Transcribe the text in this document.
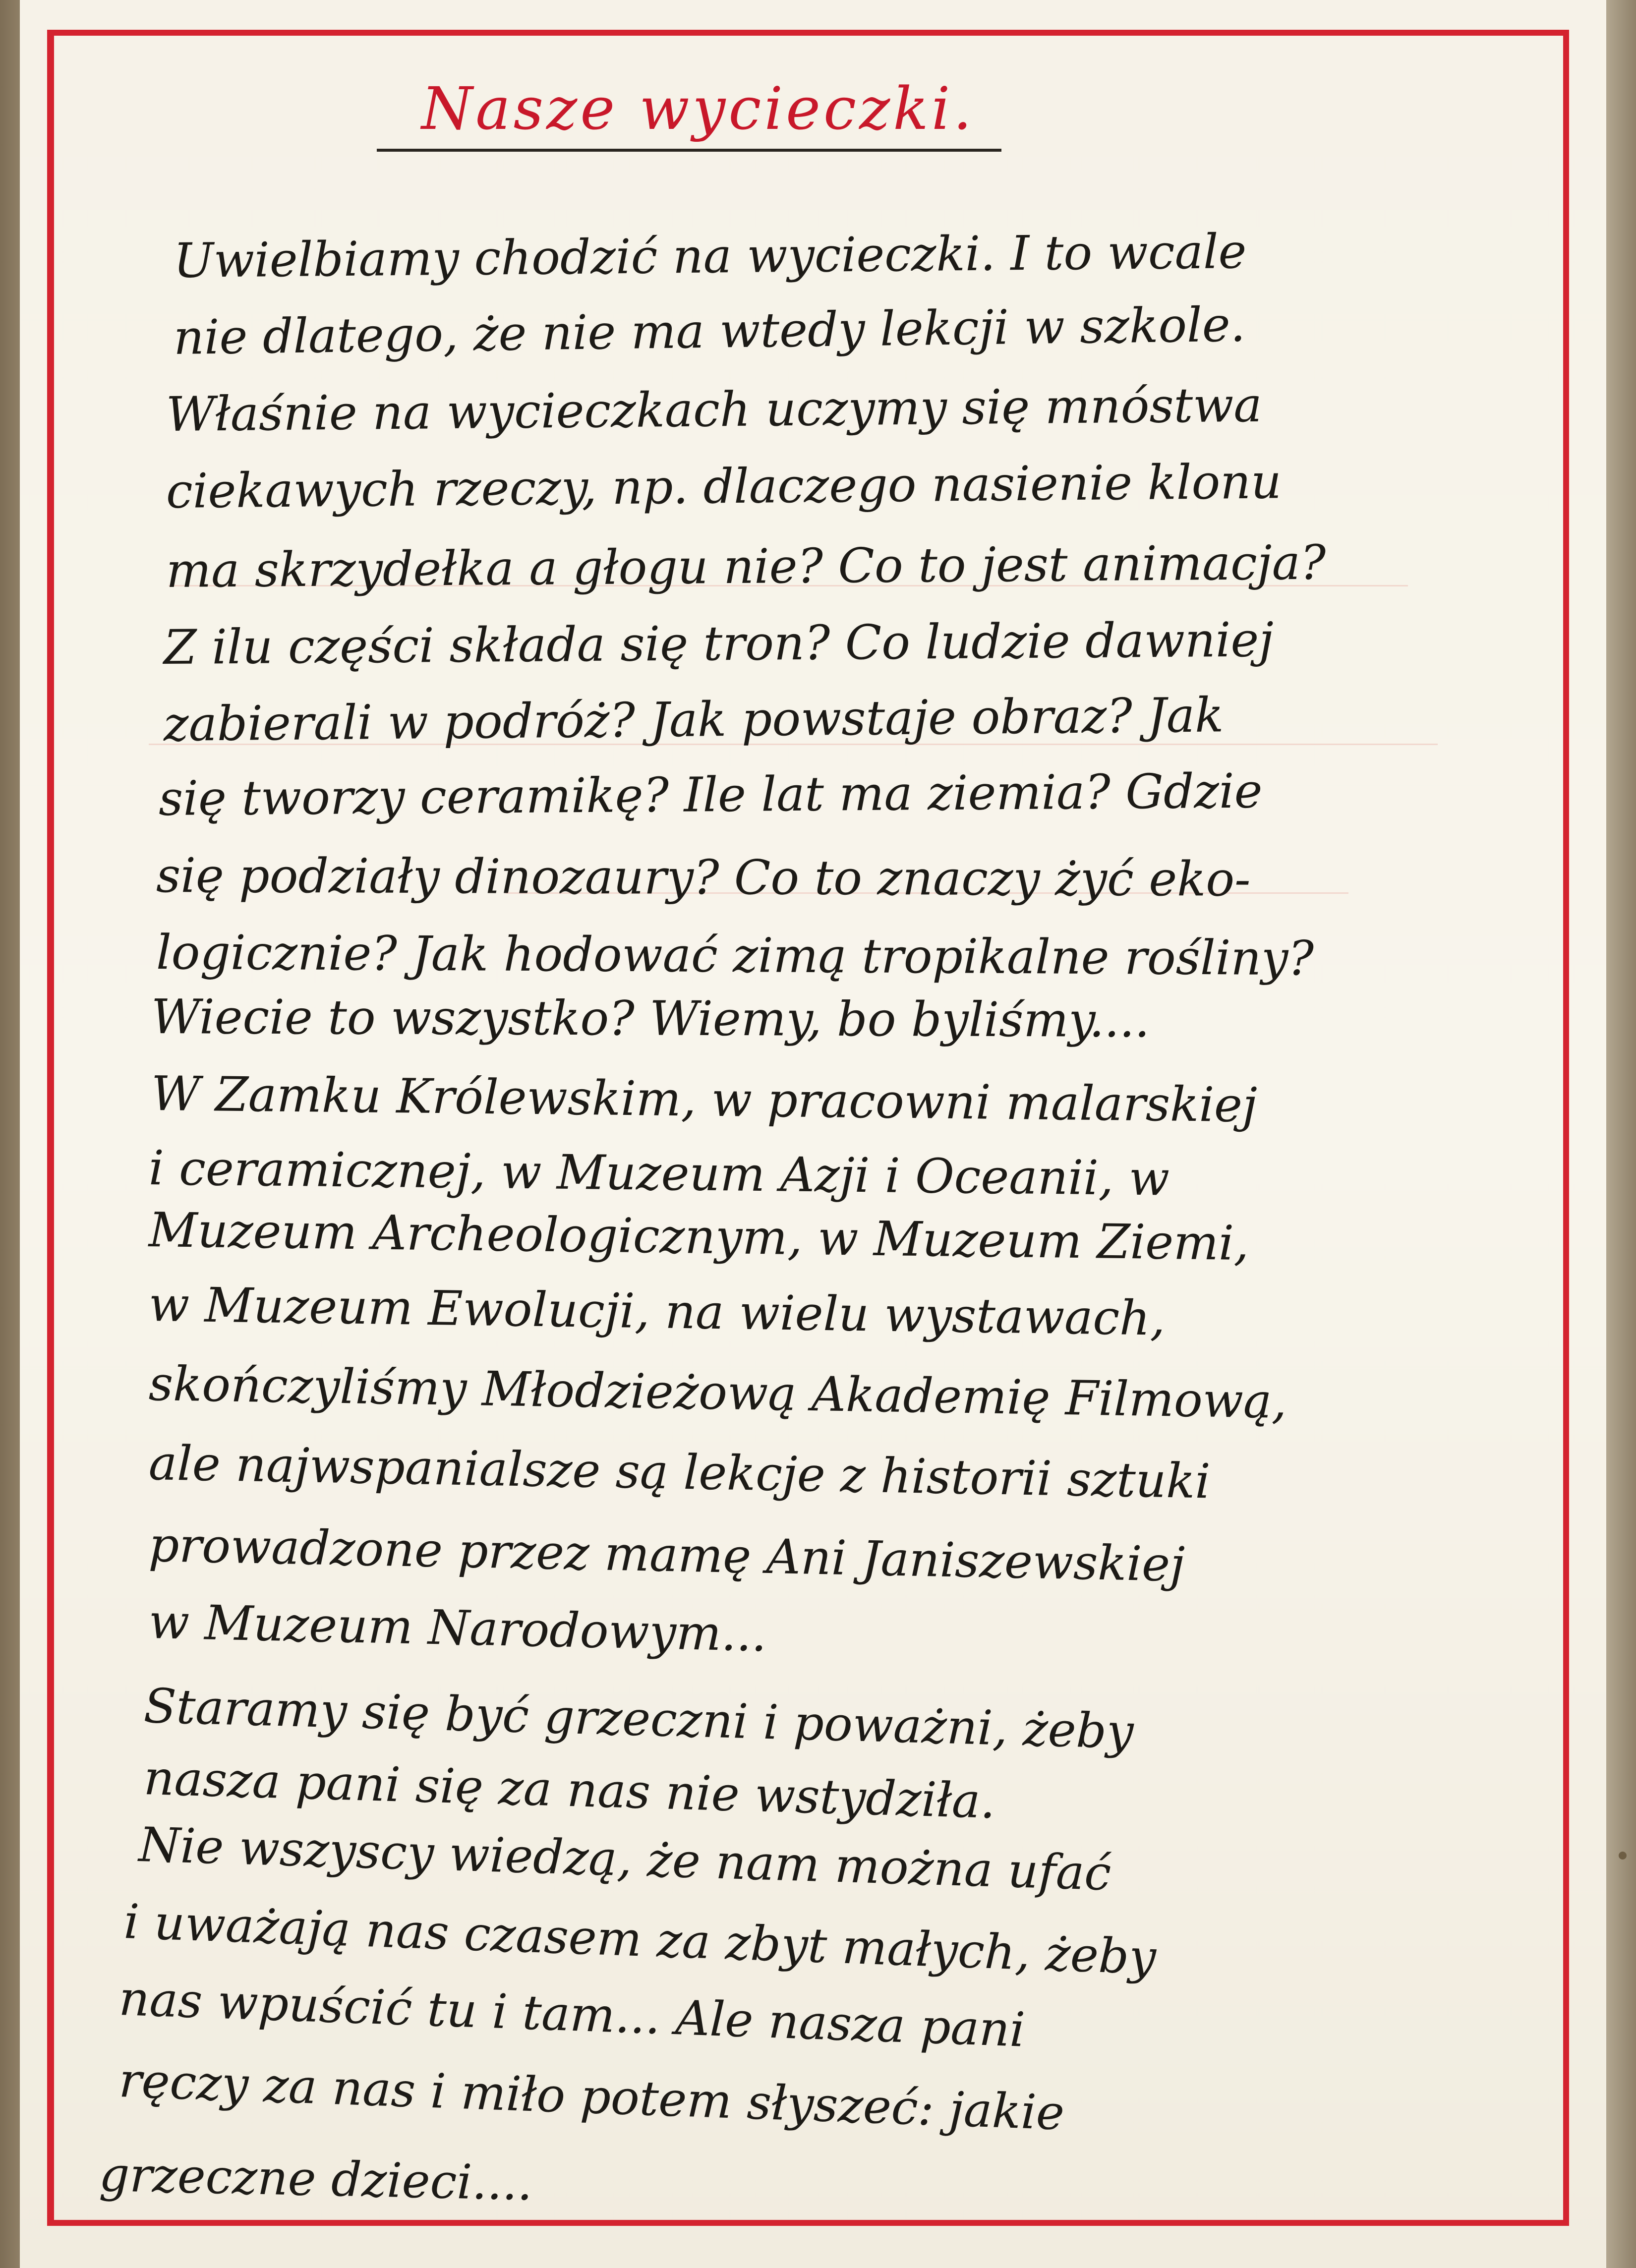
Nasze wycieczki.
Uwielbiamy chodzić na wycieczki. I to wcale
nie dlatego, że nie ma wtedy lekcji w szkole.
Właśnie na wycieczkach uczymy się mnóstwa
ciekawych rzeczy, np. dlaczego nasienie klonu
ma skrzydełka a głogu nie? Co to jest animacja?
Z ilu części składa się tron? Co ludzie dawniej
zabierali w podróż? Jak powstaje obraz? Jak
się tworzy ceramikę? Ile lat ma ziemia? Gdzie
się podziały dinozaury? Co to znaczy żyć eko-
logicznie? Jak hodować zimą tropikalne rośliny?
Wiecie to wszystko? Wiemy, bo byliśmy....
W Zamku Królewskim, w pracowni malarskiej
i ceramicznej, w Muzeum Azji i Oceanii, w
Muzeum Archeologicznym, w Muzeum Ziemi,
w Muzeum Ewolucji, na wielu wystawach,
skończyliśmy Młodzieżową Akademię Filmową,
ale najwspanialsze są lekcje z historii sztuki
prowadzone przez mamę Ani Janiszewskiej
w Muzeum Narodowym...
Staramy się być grzeczni i poważni, żeby
nasza pani się za nas nie wstydziła.
Nie wszyscy wiedzą, że nam można ufać
i uważają nas czasem za zbyt małych, żeby
nas wpuścić tu i tam... Ale nasza pani
ręczy za nas i miło potem słyszeć: jakie
grzeczne dzieci....
